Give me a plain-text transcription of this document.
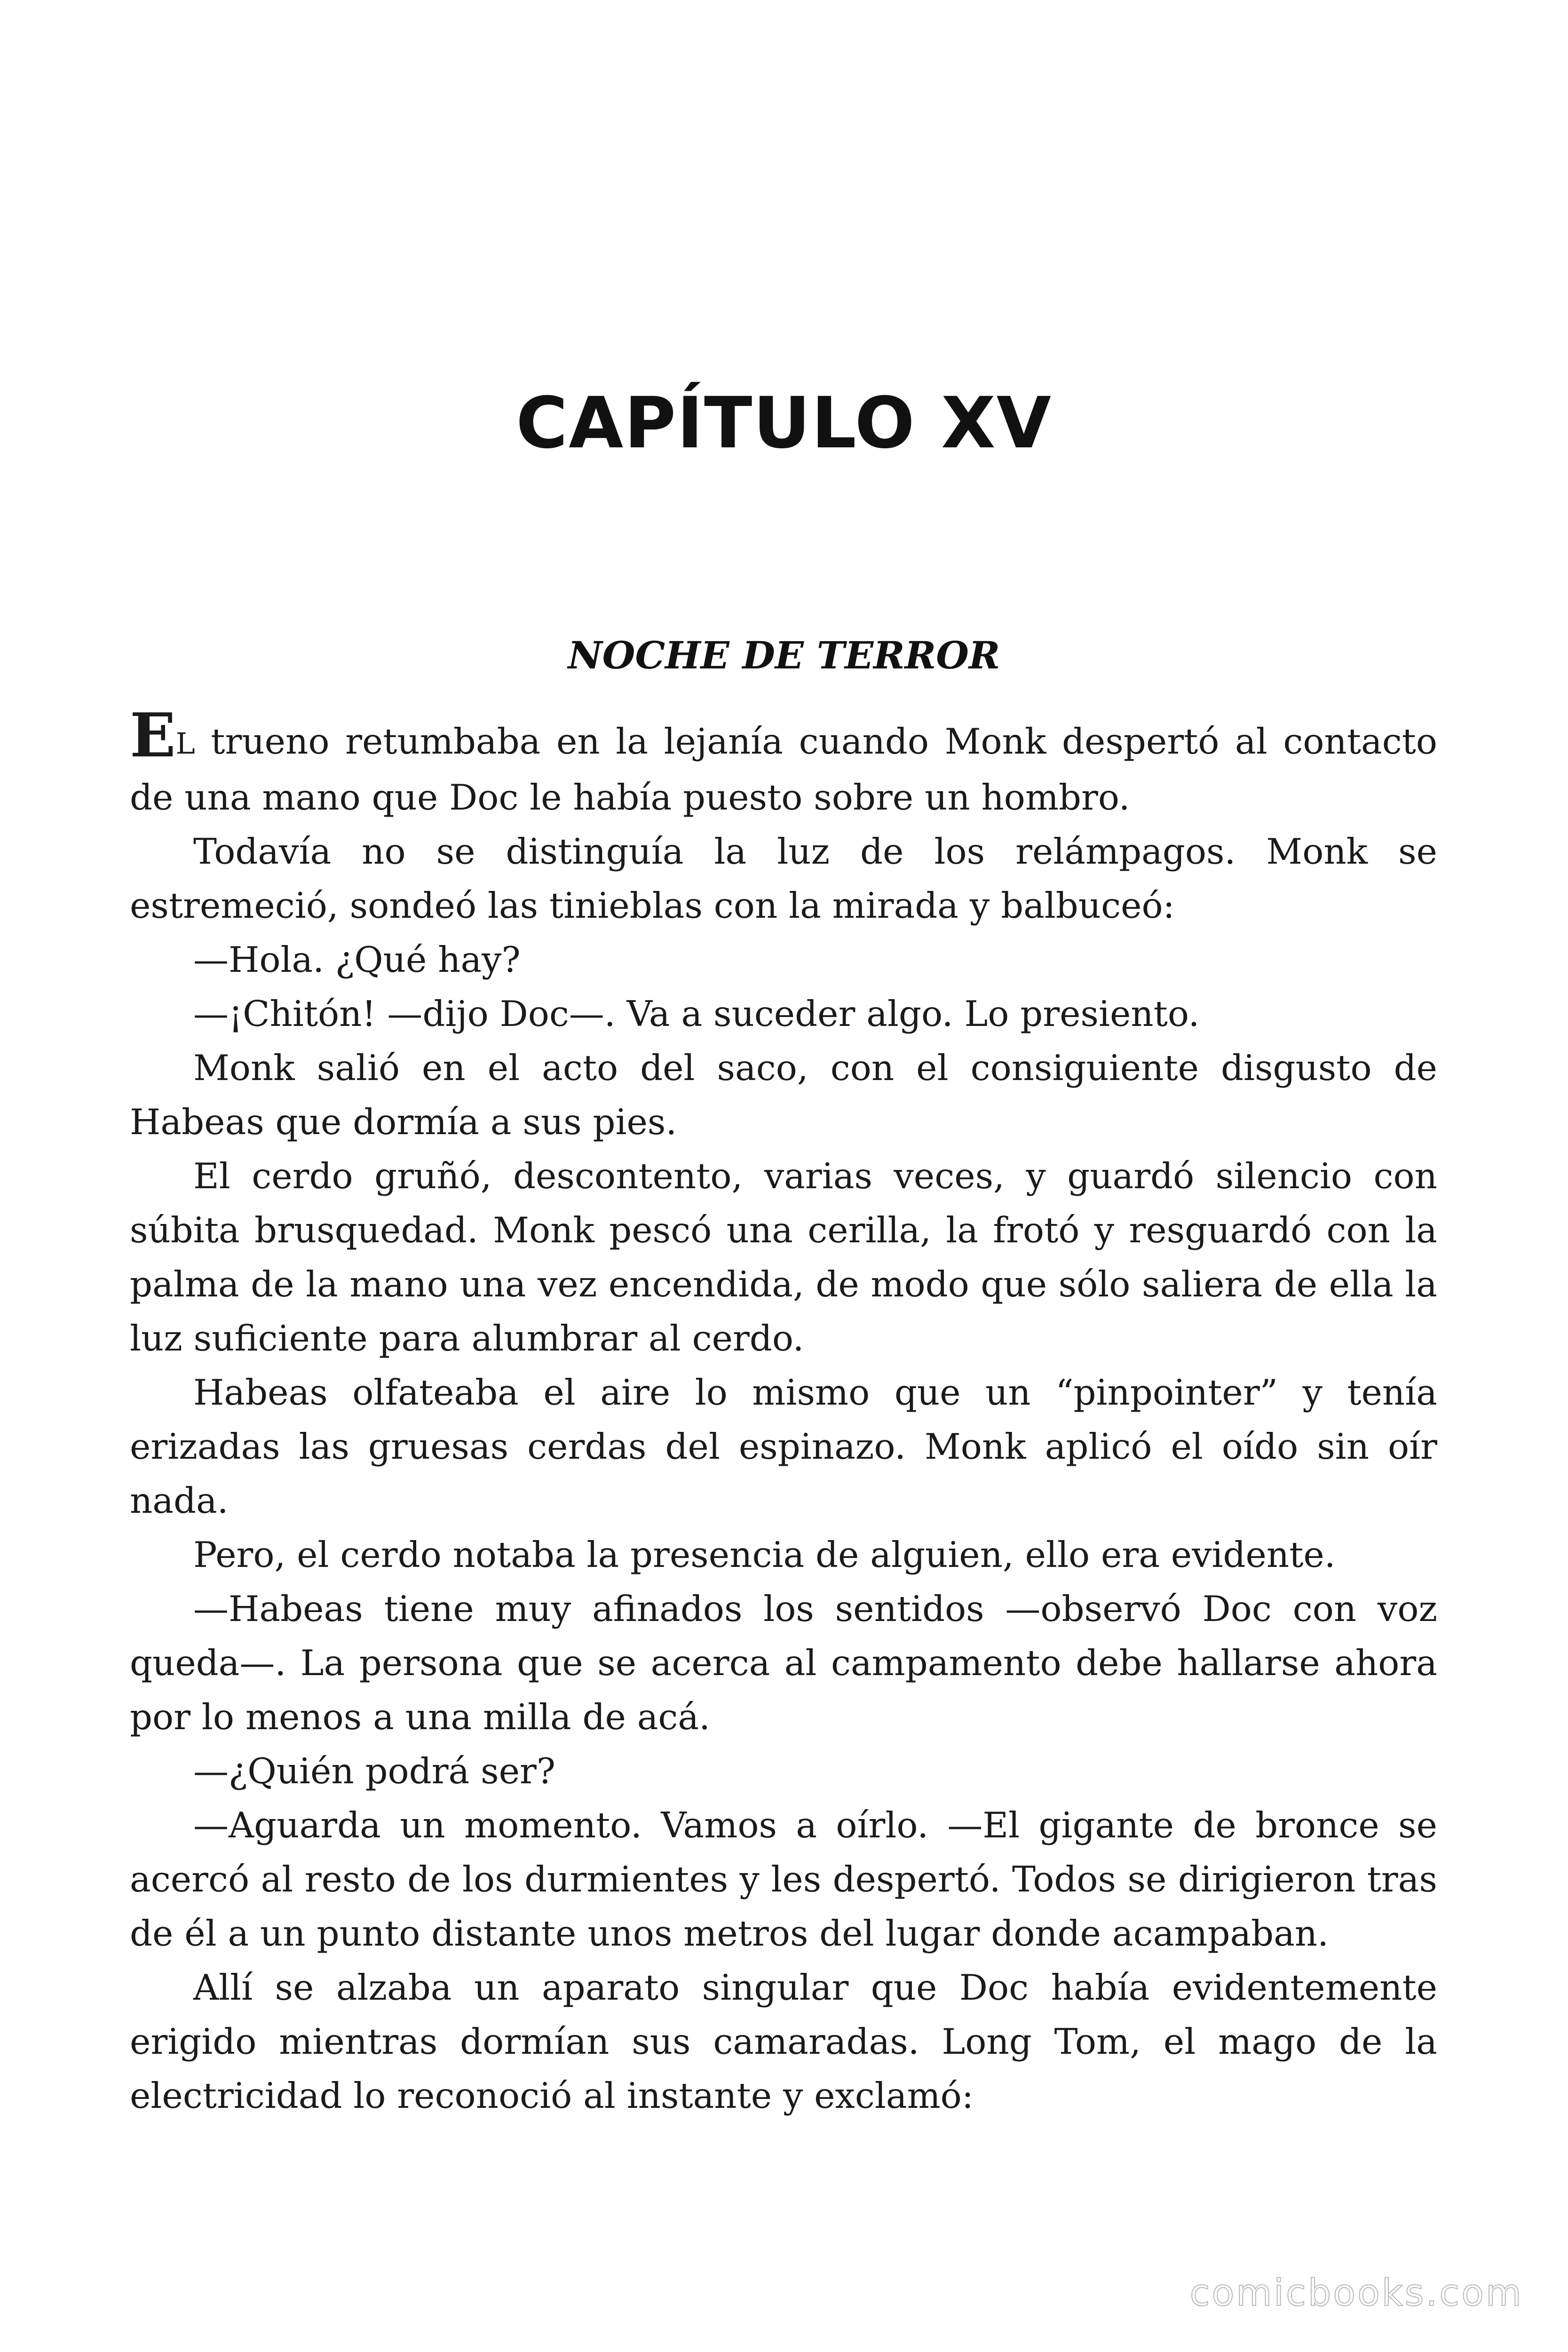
CAPÍTULO XV
NOCHE DE TERROR

EL trueno retumbaba en la lejanía cuando Monk despertó al contacto de una mano que Doc le había puesto sobre un hombro.

Todavía no se distinguía la luz de los relámpagos. Monk se estremeció, sondeó las tinieblas con la mirada y balbuceó:

—Hola. ¿Qué hay?

—¡Chitón! —dijo Doc—. Va a suceder algo. Lo presiento.

Monk salió en el acto del saco, con el consiguiente disgusto de Habeas que dormía a sus pies.

El cerdo gruñó, descontento, varias veces, y guardó silencio con súbita brusquedad. Monk pescó una cerilla, la frotó y resguardó con la palma de la mano una vez encendida, de modo que sólo saliera de ella la luz suficiente para alumbrar al cerdo.

Habeas olfateaba el aire lo mismo que un “pinpointer” y tenía erizadas las gruesas cerdas del espinazo. Monk aplicó el oído sin oír nada.

Pero, el cerdo notaba la presencia de alguien, ello era evidente.

—Habeas tiene muy afinados los sentidos —observó Doc con voz queda—. La persona que se acerca al campamento debe hallarse ahora por lo menos a una milla de acá.

—¿Quién podrá ser?

—Aguarda un momento. Vamos a oírlo. —El gigante de bronce se acercó al resto de los durmientes y les despertó. Todos se dirigieron tras de él a un punto distante unos metros del lugar donde acampaban.

Allí se alzaba un aparato singular que Doc había evidentemente erigido mientras dormían sus camaradas. Long Tom, el mago de la electricidad lo reconoció al instante y exclamó:

comicbooks.com
